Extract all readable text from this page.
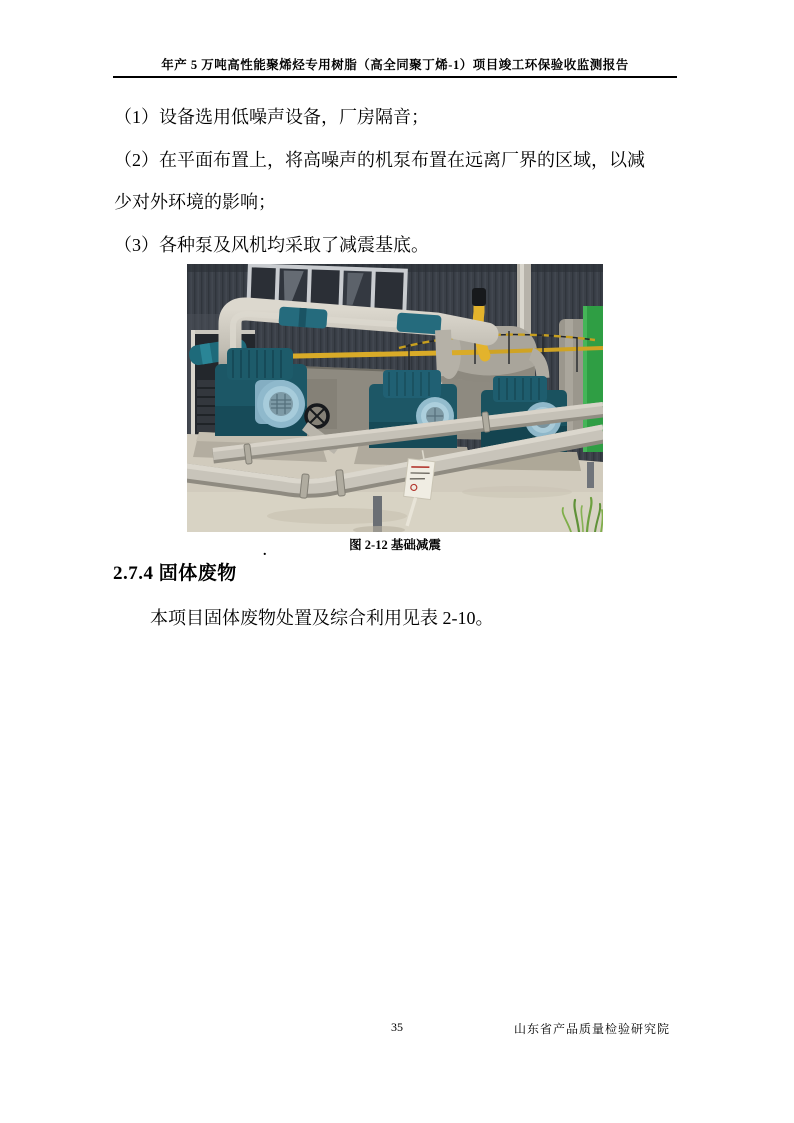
年产 5 万吨高性能聚烯烃专用树脂（高全同聚丁烯-1）项目竣工环保验收监测报告

（1）设备选用低噪声设备，厂房隔音；

（2）在平面布置上，将高噪声的机泵布置在远离厂界的区域，以减少对外环境的影响；

（3）各种泵及风机均采取了减震基底。

图 2-12 基础减震
.
2.7.4 固体废物

本项目固体废物处置及综合利用见表 2-10。

35	山东省产品质量检验研究院
